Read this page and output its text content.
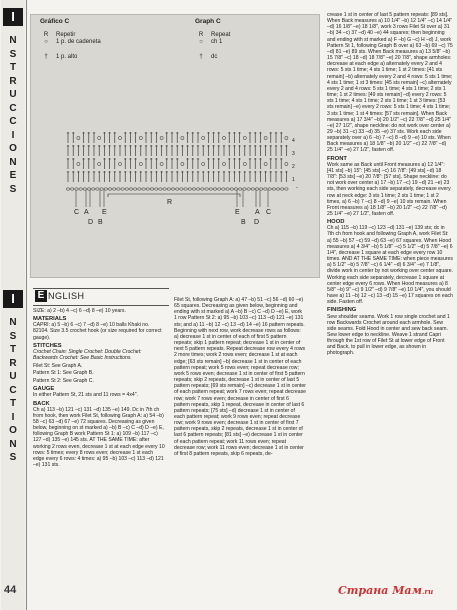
I
N
S
T
R
U
C
C
I
O
N
E
S
I
N
S
T
R
U
C
T
I
O
N
S
44
Gráfico C
R	Repetir
○	1 p. de cadeneta
†	1 p. alto
Graph C
R	Repeat
○	ch 1
†	dc
C A E
D B
R
E A C
B D
4
3
2
1
←
E NGLISH

SIZE: a) 2 –b) 4 –c) 6 –d) 8 –e) 10 years.

MATERIALS

CAPRI: a) 5 –b) 6 –c) 7 –d) 8 –e) 10 balls Khaki no. 82104. Size 3.5 crochet hook (or size required for correct gauge).

STITCHES

Crochet Chain: Single Crochet: Double Crochet: Backwards Crochet: See Basic Instructions.

Filet St: See Graph A.

Pattern St 1: See Graph B.

Pattern St 2: See Graph C.

GAUGE

In either Pattern St, 21 sts and 11 rows = 4x4".

BACK

Ch a) 113 –b) 121 –c) 131 –d) 135 –e) 149. Dc in 7th ch from hook, then work Filet St, following Graph A: a) 54 –b) 58 –c) 63 –d) 67 –e) 72 squares. Decreasing as given below, beginning on st marked a) –b) B –c) C –d) D –e) E, following Graph B work Pattern St 1: a) 109 –b) 117 –c) 127 –d) 135 –e) 145 sts. AT THE SAME TIME: after working 2 rows even, decrease 1 st at each edge every 10 rows: 5 times; every 8 rows even; decrease 1 st each edge every 6 rows: 4 times: a) 95 –b) 103 –c) 113 –d) 121 –e) 131 sts.

Filet St, following Graph A: a) 47 –b) 51 –c) 56 –d) 60 –e) 65 squares. Decreasing as given below, beginning and ending with st marked a) A –b) B –c) C –d) D –e) E, work 1 row Pattern St 2: a) 95 –b) 103 –c) 113 –d) 121 –e) 131 sts; and a) 11 –b) 12 –c) 13 –d) 14 –e) 16 pattern repeats. Beginning with next row, work decrease rows as follows: a) decrease 1 st in center of each of first 5 pattern repeats; skip 1 pattern repeat; decrease 1 st in center of next 5 pattern repeats. Repeat decrease row every 4 rows 2 more times; work 2 rows even; decrease 1 st at each edge; [63 sts remain] –b) decrease 1 st in center of each pattern repeat; work 5 rows even; repeat decrease row; work 5 rows even; decrease 1 st in center of first 5 pattern repeats; skip 2 repeats, decrease 1 st in center of last 5 pattern repeats; [69 sts remain] –c) decrease 1 st in center of each pattern repeat; work 7 rows even; repeat decrease row; work 7 rows even; decrease in center of first 6 pattern repeats, skip 1 repeat, decrease in center of last 6 pattern repeats; [75 sts] –d) decrease 1 st in center of each pattern repeat; work 9 rows even; repeat decrease row; work 9 rows even; decrease 1 st in center of first 7 pattern repeats, skip 2 repeats, decrease 1 st in center of last 6 pattern repeats; [81 sts] –e) decrease 1 st in center of each pattern repeat; work 11 rows even; repeat decrease row; work 11 rows even; decrease 1 st in center of first 8 pattern repeats, skip 6 repeats, de-

crease 1 st in center of last 5 pattern repeats: [89 sts]. When Back measures a) 10 1/4" –b) 12 1/4" –c) 14 1/4" –d) 16 1/8" –e) 18 1/8", work 3 rows Filet St over a) 31 –b) 34 –c) 37 –d) 40 –e) 44 squares; then beginning and ending with st marked a) F –b) G –c) H –d) J, work Pattern St 1, following Graph B over a) 63 –b) 69 –c) 75 –d) 81 –e) 89 sts. When Back measures a) 13 5/8" –b) 15 7/8" –c) 18 –d) 18 7/8" –e) 20 7/8", shape armholes: decrease at each edge a) alternately every 2 and 4 rows: 5 sts 1 time; 4 sts 1 time; 1 st 2 times: [41 sts remain] –b) alternately every 2 and 4 rows: 5 sts 1 time; 4 sts 1 time; 1 st 3 times: [45 sts remain] –c) alternately every 2 and 4 rows: 5 sts 1 time; 4 sts 1 time; 2 sts 1 time; 1 st 2 times: [49 sts remain] –d) every 2 rows: 5 sts 1 time; 4 sts 1 time; 2 sts 1 time; 1 st 3 times: [53 sts remain] –e) every 2 rows: 5 sts 1 time; 4 sts 1 time; 3 sts 1 time; 1 st 4 times: [57 sts remain]. When Back measures a) 17 3/4" –b) 20 1/2" –c) 22 7/8" –d) 25 1/4" –e) 27 1/2", shape neckline: do not work over center a) 29 –b) 31 –c) 33 –d) 35 –e) 37 sts. Work each side separately over a) 6 –b) 7 –c) 8 –d) 9 –e) 10 sts. When Back measures a) 18 1/8" –b) 20 1/2" –c) 22 7/8" –d) 25 1/4" –e) 27 1/2", fasten off.

FRONT

Work same as Back until Front measures a) 12 1/4": [41 sts] –b) 15": [45 sts] –c) 16 7/8": [49 sts] –d) 18 7/8": [53 sts] –e) 20 7/8": [57 sts]. Shape neckline: do not work over center a) 17 –b) 17 –c) 19 –d) 21 –e) 23 sts, then working each side separately, decrease every row at neck edge: 3 sts 1 time; 2 sts 1 time; 1 st 2 times, a) 6 –b) 7 –c) 8 –d) 9 –e) 10 sts remain. When Front measures a) 18 1/8" –b) 20 1/2" –c) 22 7/8" –d) 25 1/4" –e) 27 1/2", fasten off.

HOOD

Ch a) 115 –b) 119 –c) 123 –d) 131 –e) 139 sts; dc in 7th ch from hook and following Graph A, work Filet St: a) 55 –b) 57 –c) 59 –d) 63 –e) 67 squares. When Hood measures a) 4 3/4" –b) 5 1/8" –c) 5 1/2" –d) 5 7/8" –e) 6 1/4", decrease 1 square at each edge every row 10 times. AND AT THE SAME TIME: when piece measures a) 5 1/2" –b) 5 7/8" –c) 6 1/4" –d) 6 3/4" –e) 7 1/8", divide work in center by not working over center square. Working each side separately, decrease 1 square at center edge every 6 rows. When Hood measures a) 8 5/8" –b) 9" –c) 9 1/2" –d) 9 7/8" –e) 10 1/4", you should have a) 11 –b) 12 –c) 13 –d) 15 –e) 17 squares on each side. Fasten off.

FINISHING

Sew shoulder seams. Work 1 row single crochet and 1 row Backwards Crochet around each armhole. Sew side seams. Fold Hood in center and sew back seam. Sew lower edge to neckline. Weave 1 strand Capri through the 1st row of Filet St at lower edge of Front and Back, to pull in lower edge, as shown in photograph.

Страна Мам.ru
